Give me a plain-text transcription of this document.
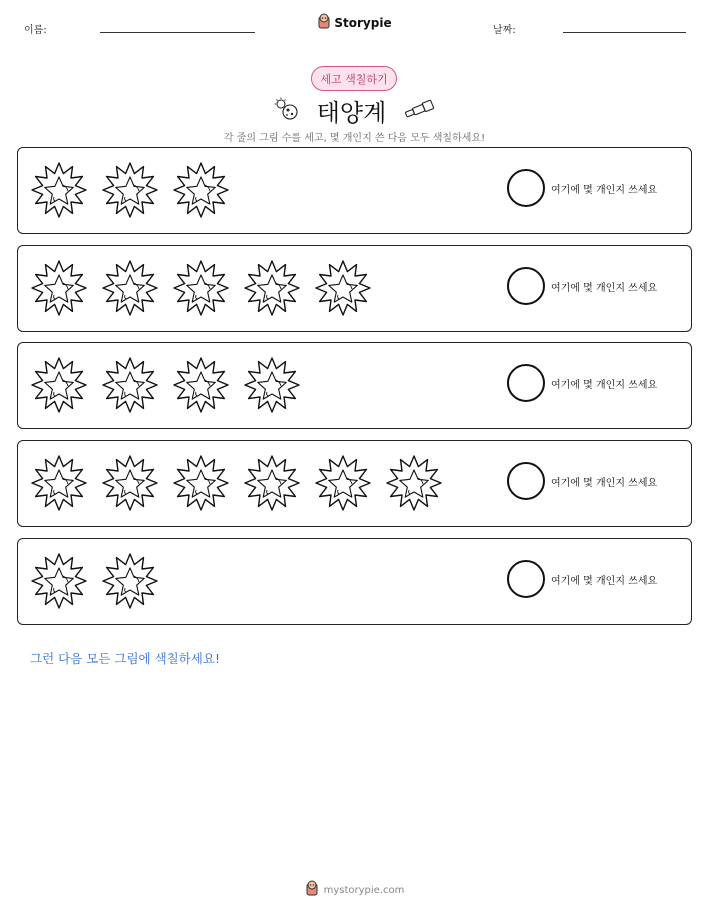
이름:
Storypie
날짜:
세고 색칠하기
태양계
각 줄의 그림 수를 세고, 몇 개인지 쓴 다음 모두 색칠하세요!
여기에 몇 개인지 쓰세요
여기에 몇 개인지 쓰세요
여기에 몇 개인지 쓰세요
여기에 몇 개인지 쓰세요
여기에 몇 개인지 쓰세요
그런 다음 모든 그림에 색칠하세요!
mystorypie.com
